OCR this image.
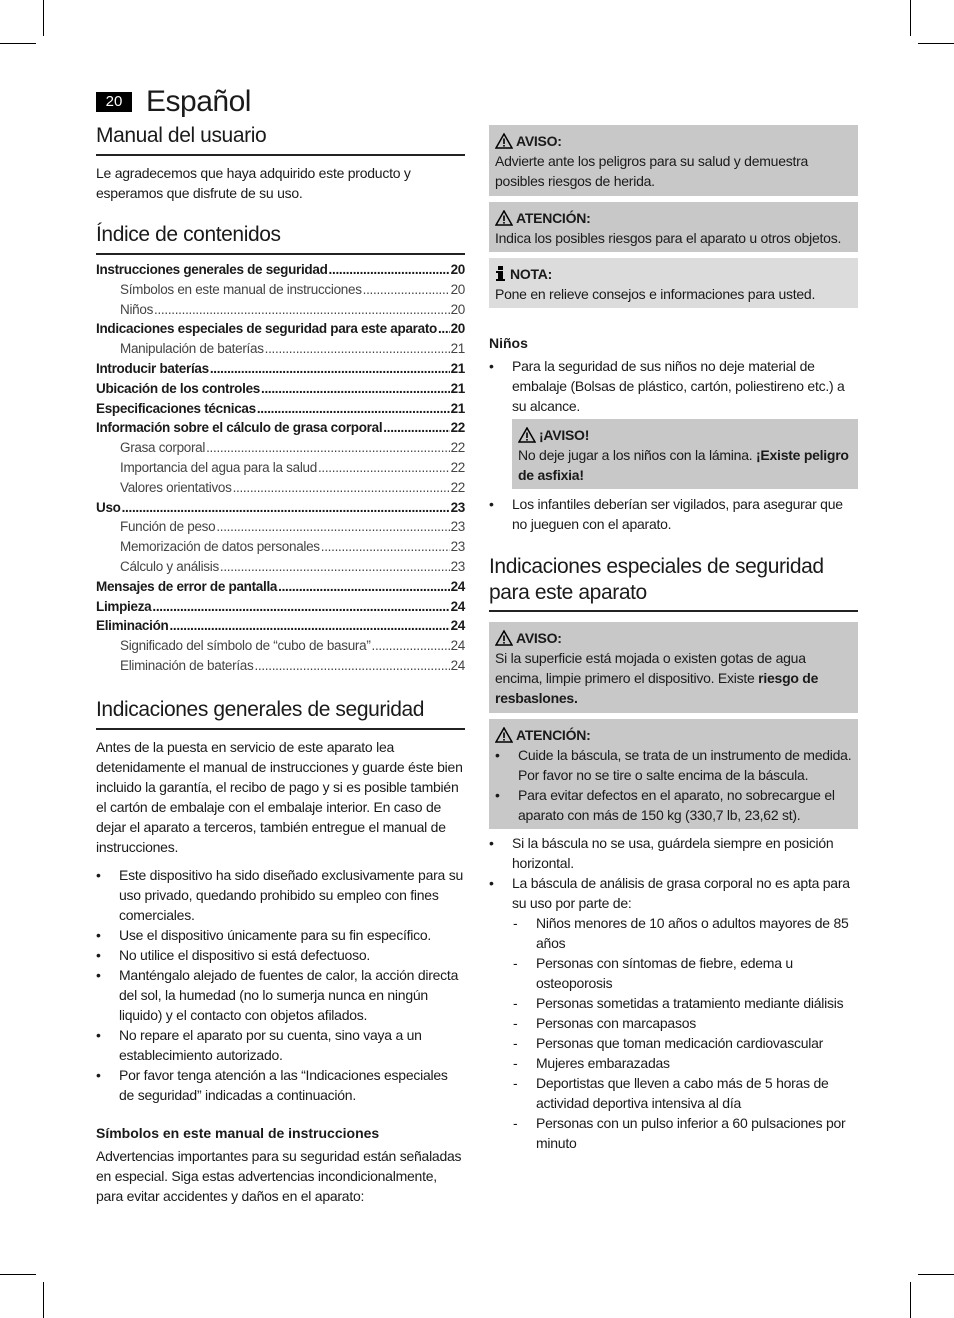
20 Español
Manual del usuario
Le agradecemos que haya adquirido este producto y esperamos que disfrute de su uso.
Índice de contenidos
Instrucciones generales de seguridad .....	20
Símbolos en este manual de instrucciones .....	20
Niños .....	20
Indicaciones especiales de seguridad para este aparato ..... 20
Manipulación de baterías .....	21
Introducir baterías .....	21
Ubicación de los controles .....	21
Especificaciones técnicas .....	21
Información sobre el cálculo de grasa corporal .....	22
Grasa corporal .....	22
Importancia del agua para la salud .....	22
Valores orientativos .....	22
Uso .....	23
Función de peso .....	23
Memorización de datos personales .....	23
Cálculo y análisis .....	23
Mensajes de error de pantalla .....	24
Limpieza .....	24
Eliminación .....	24
Significado del símbolo de “cubo de basura” .....	24
Eliminación de baterías .....	24
Indicaciones generales de seguridad
Antes de la puesta en servicio de este aparato lea detenidamente el manual de instrucciones y guarde éste bien incluido la garantía, el recibo de pago y si es posible también el cartón de embalaje con el embalaje interior. En caso de dejar el aparato a terceros, también entregue el manual de instrucciones.
• Este dispositivo ha sido diseñado exclusivamente para su uso privado, quedando prohibido su empleo con fines comerciales.
• Use el dispositivo únicamente para su fin específico.
• No utilice el dispositivo si está defectuoso.
• Manténgalo alejado de fuentes de calor, la acción directa del sol, la humedad (no lo sumerja nunca en ningún liquido) y el contacto con objetos afilados.
• No repare el aparato por su cuenta, sino vaya a un establecimiento autorizado.
• Por favor tenga atención a las “Indicaciones especiales de seguridad” indicadas a continuación.
Símbolos en este manual de instrucciones
Advertencias importantes para su seguridad están señaladas en especial. Siga estas advertencias incondicionalmente, para evitar accidentes y daños en el aparato:
AVISO:
Advierte ante los peligros para su salud y demuestra posibles riesgos de herida.
ATENCIÓN:
Indica los posibles riesgos para el aparato u otros objetos.
NOTA:
Pone en relieve consejos e informaciones para usted.
Niños
• Para la seguridad de sus niños no deje material de embalaje (Bolsas de plástico, cartón, poliestireno etc.) a su alcance.
¡AVISO!
No deje jugar a los niños con la lámina. ¡Existe peligro de asfixia!
• Los infantiles deberían ser vigilados, para asegurar que no jueguen con el aparato.
Indicaciones especiales de seguridad
para este aparato
AVISO:
Si la superficie está mojada o existen gotas de agua encima, limpie primero el dispositivo. Existe riesgo de resbaslones.
ATENCIÓN:
• Cuide la báscula, se trata de un instrumento de medida. Por favor no se tire o salte encima de la báscula.
• Para evitar defectos en el aparato, no sobrecargue el aparato con más de 150 kg (330,7 lb, 23,62 st).
• Si la báscula no se usa, guárdela siempre en posición horizontal.
• La báscula de análisis de grasa corporal no es apta para su uso por parte de:
- Niños menores de 10 años o adultos mayores de 85 años
- Personas con síntomas de fiebre, edema u osteoporosis
- Personas sometidas a tratamiento mediante diálisis
- Personas con marcapasos
- Personas que toman medicación cardiovascular
- Mujeres embarazadas
- Deportistas que lleven a cabo más de 5 horas de actividad deportiva intensiva al día
- Personas con un pulso inferior a 60 pulsaciones por minuto
